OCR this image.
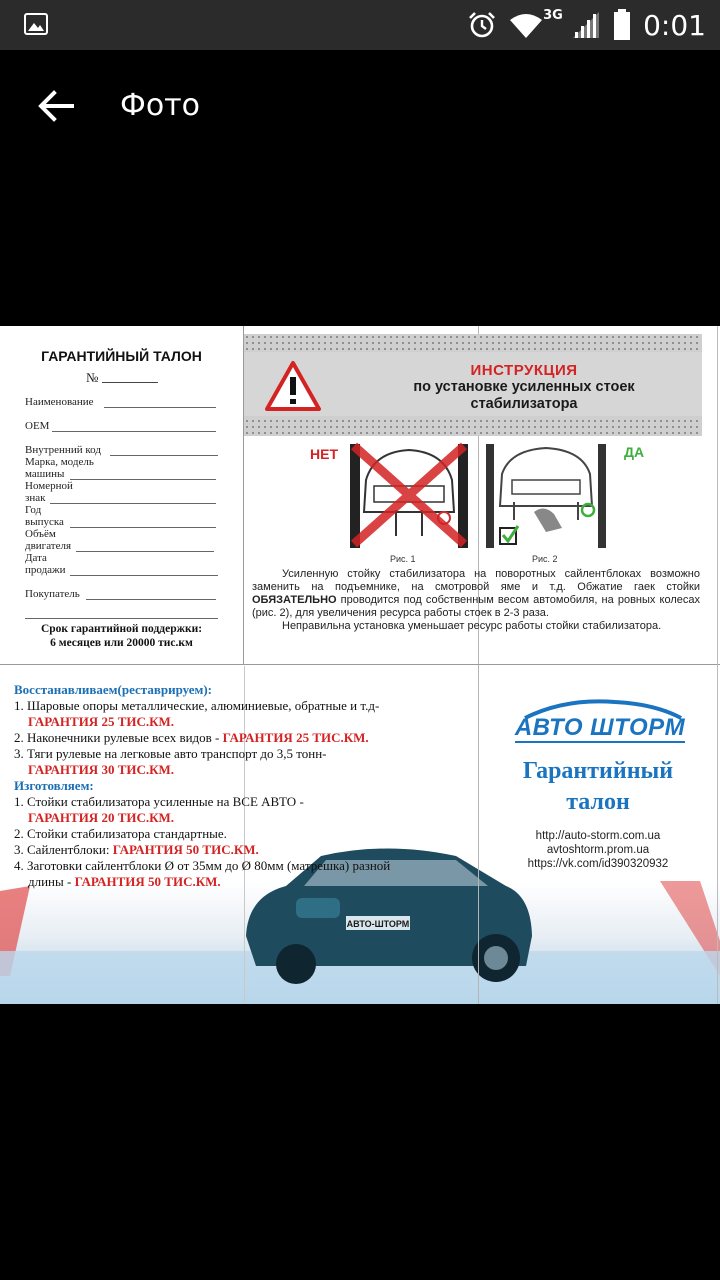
3G	0:01
Фото
АВТО-ШТОРМ
ГАРАНТИЙНЫЙ ТАЛОН
№
Наименование
OEM
Внутренний код
Марка, модель
машины
Номерной
знак
Год
выпуска
Объём
двигателя
Дата
продажи
Покупатель
Срок гарантийной поддержки:
6 месяцев или 20000 тис.км
ИНСТРУКЦИЯ
по установке усиленных стоек
стабилизатора
НЕТ	ДА
Рис. 1	Рис. 2

Усиленную стойку стабилизатора на поворотных сайлентблоках возможно заменить на подъемнике, на смотровой яме и т.д. Обжатие гаек стойки ОБЯЗАТЕЛЬНО проводится под собственным весом автомобиля, на ровных колесах (рис. 2), для увеличения ресурса работы стоек в 2-3 раза.

Неправильна установка уменьшает ресурс работы стойки стабилизатора.

Восстанавливаем(реставрируем):
1. Шаровые опоры металлические, алюминиевые, обратные и т.д-
ГАРАНТИЯ 25 ТИС.КМ.
2. Наконечники рулевые всех видов - ГАРАНТИЯ 25 ТИС.КМ.
3. Тяги рулевые на легковые авто транспорт до 3,5 тонн-
ГАРАНТИЯ 30 ТИС.КМ.
Изготовляем:
1. Стойки стабилизатора усиленные на ВСЕ АВТО -
ГАРАНТИЯ 20 ТИС.КМ.
2. Стойки стабилизатора стандартные.
3. Сайлентблоки: ГАРАНТИЯ 50 ТИС.КМ.
4. Заготовки сайлентблоки Ø от 35мм до Ø 80мм (матрешка) разной
длины - ГАРАНТИЯ 50 ТИС.КМ.
АВТО ШТОРМ
Гарантийный
талон
http://auto-storm.com.ua
avtoshtorm.prom.ua
https://vk.com/id390320932
